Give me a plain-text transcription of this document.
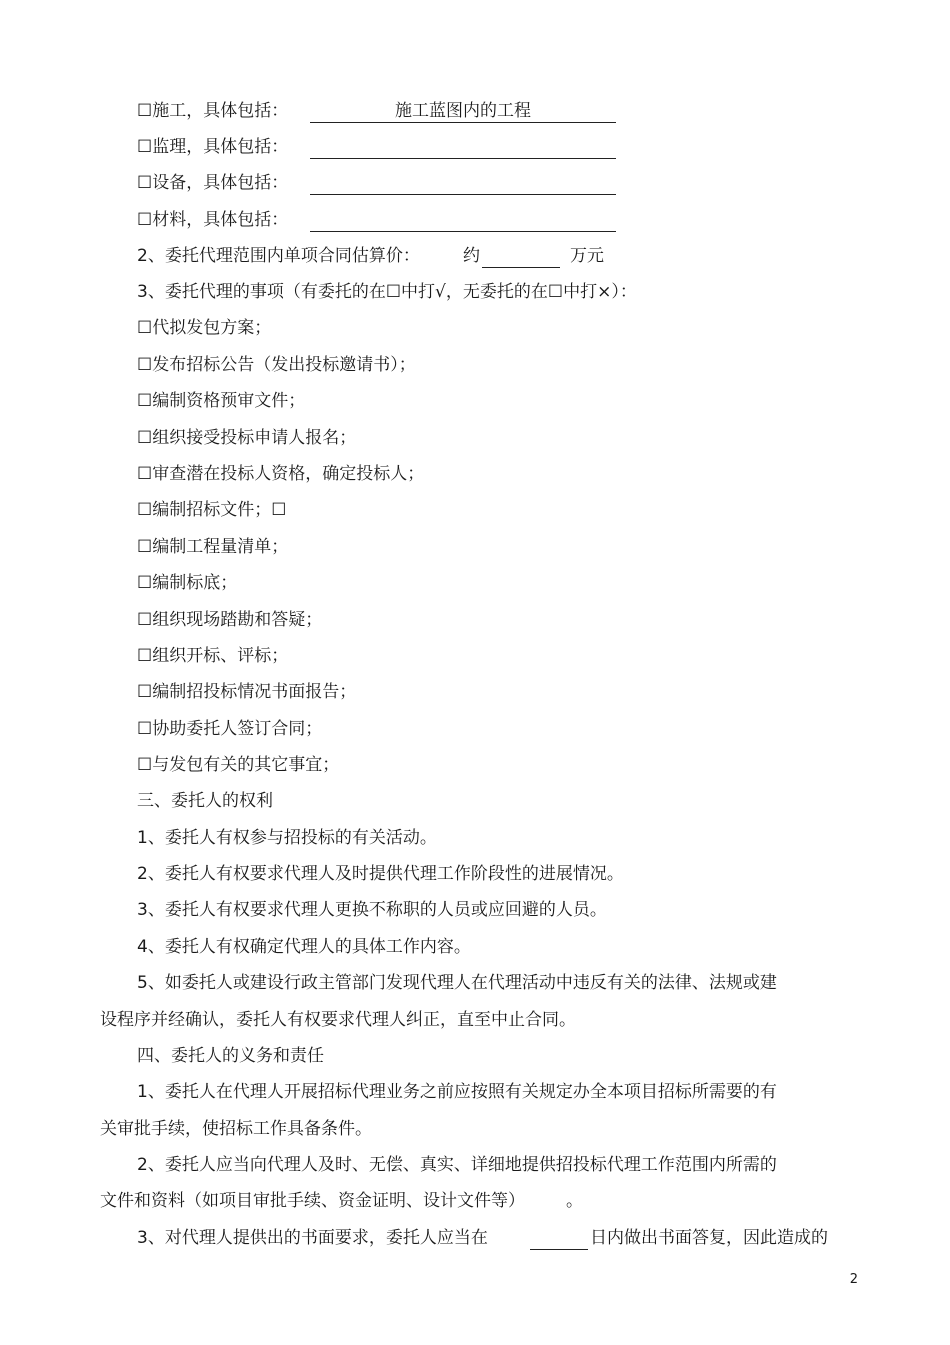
☐施工，具体包括：	施工蓝图内的工程
☐监理，具体包括：
☐设备，具体包括：
☐材料，具体包括：
2、委托代理范围内单项合同估算价：	约	万元
3、委托代理的事项（有委托的在☐中打√，无委托的在☐中打×）：
☐代拟发包方案；
☐发布招标公告（发出投标邀请书）；
☐编制资格预审文件；
☐组织接受投标申请人报名；
☐审查潜在投标人资格，确定投标人；
☐编制招标文件；☐
☐编制工程量清单；
☐编制标底；
☐组织现场踏勘和答疑；
☐组织开标、评标；
☐编制招投标情况书面报告；
☐协助委托人签订合同；
☐与发包有关的其它事宜；
三、委托人的权利
1、委托人有权参与招投标的有关活动。
2、委托人有权要求代理人及时提供代理工作阶段性的进展情况。
3、委托人有权要求代理人更换不称职的人员或应回避的人员。
4、委托人有权确定代理人的具体工作内容。
5、如委托人或建设行政主管部门发现代理人在代理活动中违反有关的法律、法规或建
设程序并经确认，委托人有权要求代理人纠正，直至中止合同。
四、委托人的义务和责任
1、委托人在代理人开展招标代理业务之前应按照有关规定办全本项目招标所需要的有
关审批手续，使招标工作具备条件。
2、委托人应当向代理人及时、无偿、真实、详细地提供招投标代理工作范围内所需的
文件和资料（如项目审批手续、资金证明、设计文件等） 。
3、对代理人提供出的书面要求，委托人应当在	日内做出书面答复，因此造成的
2
